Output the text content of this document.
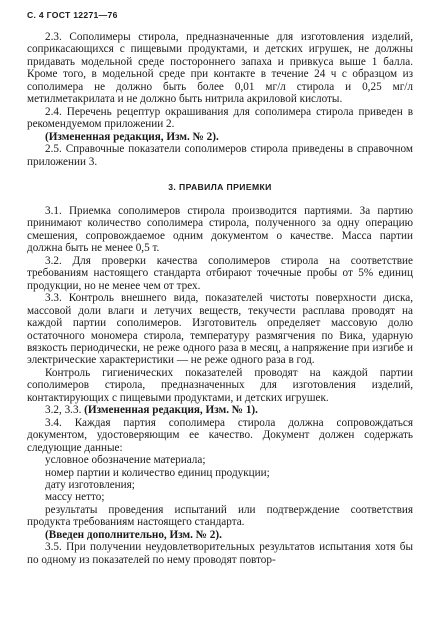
С. 4 ГОСТ 12271—76

2.3. Сополимеры стирола, предназначенные для изготовления изделий, соприкасающихся с пищевыми продуктами, и детских игрушек, не должны придавать модельной среде постороннего запаха и привкуса выше 1 балла. Кроме того, в модельной среде при контакте в течение 24 ч с образцом из сополимера не должно быть более 0,01 мг/л стирола и 0,25 мг/л метилметакрилата и не должно быть нитрила акриловой кислоты.

2.4. Перечень рецептур окрашивания для сополимера стирола приведен в рекомендуемом приложении 2.

(Измененная редакция, Изм. № 2).

2.5. Справочные показатели сополимеров стирола приведены в справочном приложении 3.

3. ПРАВИЛА ПРИЕМКИ

3.1. Приемка сополимеров стирола производится партиями. За партию принимают количество сополимера стирола, полученного за одну операцию смешения, сопровождаемое одним документом о качестве. Масса партии должна быть не менее 0,5 т.

3.2. Для проверки качества сополимеров стирола на соответствие требованиям настоящего стандарта отбирают точечные пробы от 5% единиц продукции, но не менее чем от трех.

3.3. Контроль внешнего вида, показателей чистоты поверхности диска, массовой доли влаги и летучих веществ, текучести расплава проводят на каждой партии сополимеров. Изготовитель определяет массовую долю остаточного мономера стирола, температуру размягчения по Вика, ударную вязкость периодически, не реже одного раза в месяц, а напряжение при изгибе и электрические характеристики — не реже одного раза в год.

Контроль гигиенических показателей проводят на каждой партии сополимеров стирола, предназначенных для изготовления изделий, контактирующих с пищевыми продуктами, и детских игрушек.

3.2, 3.3. (Измененная редакция, Изм. № 1).

3.4. Каждая партия сополимера стирола должна сопровождаться документом, удостоверяющим ее качество. Документ должен содержать следующие данные:

условное обозначение материала;

номер партии и количество единиц продукции;

дату изготовления;

массу нетто;

результаты проведения испытаний или подтверждение соответствия продукта требованиям настоящего стандарта.

(Введен дополнительно, Изм. № 2).

3.5. При получении неудовлетворительных результатов испытания хотя бы по одному из показателей по нему проводят повтор-
